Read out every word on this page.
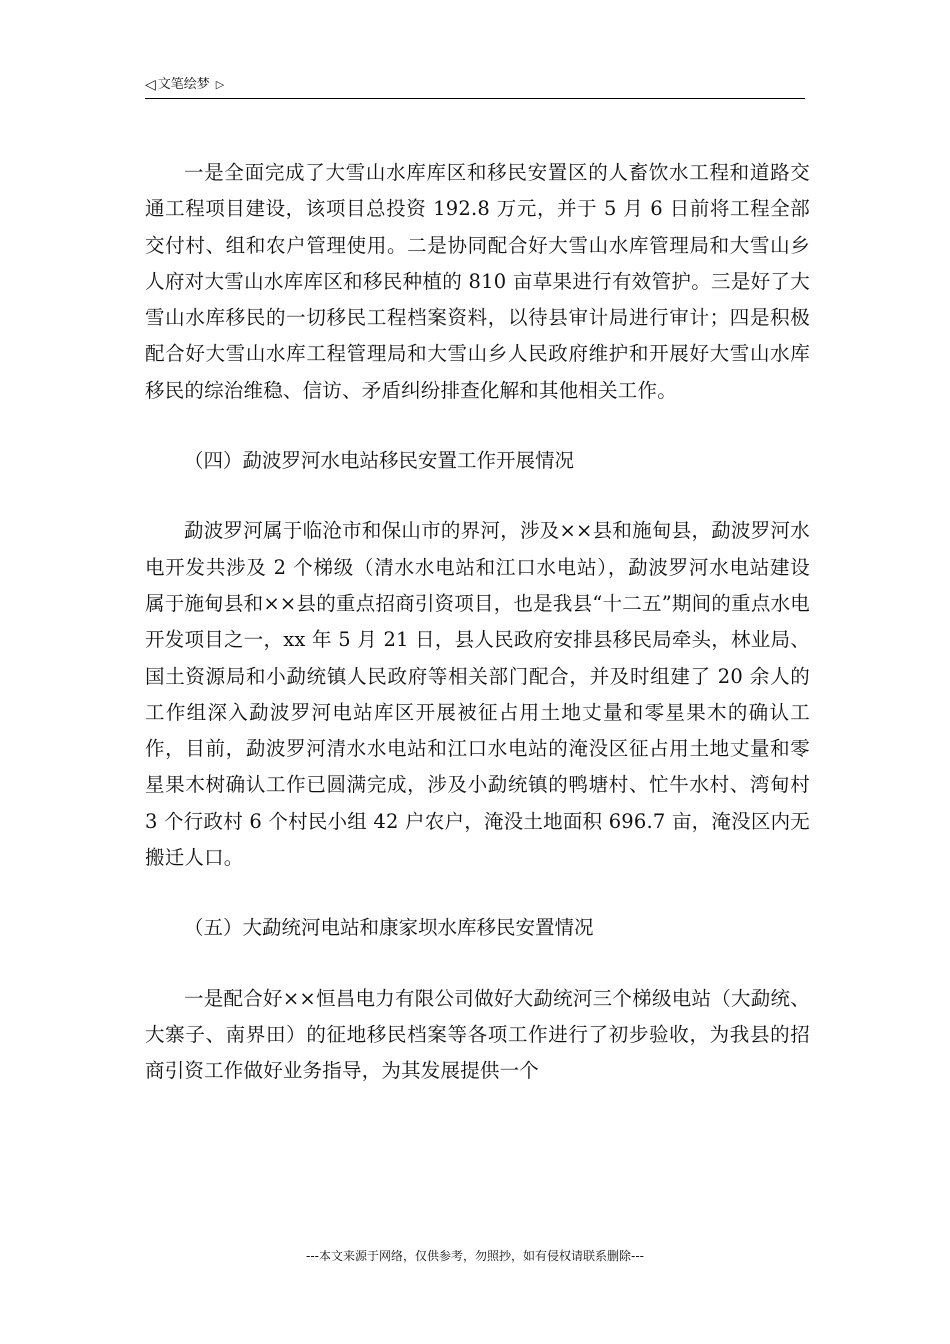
◁ 文笔绘梦 ▷

一是全面完成了大雪山水库库区和移民安置区的人畜饮水工程和道路交通工程项目建设，该项目总投资 192.8 万元，并于 5 月 6 日前将工程全部交付村、组和农户管理使用。二是协同配合好大雪山水库管理局和大雪山乡人府对大雪山水库库区和移民种植的 810 亩草果进行有效管护。三是好了大雪山水库移民的一切移民工程档案资料，以待县审计局进行审计；四是积极配合好大雪山水库工程管理局和大雪山乡人民政府维护和开展好大雪山水库移民的综治维稳、信访、矛盾纠纷排查化解和其他相关工作。

（四）勐波罗河水电站移民安置工作开展情况

勐波罗河属于临沧市和保山市的界河，涉及××县和施甸县，勐波罗河水电开发共涉及 2 个梯级（清水水电站和江口水电站），勐波罗河水电站建设属于施甸县和××县的重点招商引资项目，也是我县“十二五”期间的重点水电开发项目之一，xx 年 5 月 21 日，县人民政府安排县移民局牵头，林业局、国土资源局和小勐统镇人民政府等相关部门配合，并及时组建了 20 余人的工作组深入勐波罗河电站库区开展被征占用土地丈量和零星果木的确认工作，目前，勐波罗河清水水电站和江口水电站的淹没区征占用土地丈量和零星果木树确认工作已圆满完成，涉及小勐统镇的鸭塘村、忙牛水村、湾甸村 3 个行政村 6 个村民小组 42 户农户，淹没土地面积 696.7 亩，淹没区内无搬迁人口。

（五）大勐统河电站和康家坝水库移民安置情况

一是配合好××恒昌电力有限公司做好大勐统河三个梯级电站（大勐统、大寨子、南界田）的征地移民档案等各项工作进行了初步验收，为我县的招商引资工作做好业务指导，为其发展提供一个

---本文来源于网络，仅供参考，勿照抄，如有侵权请联系删除---
